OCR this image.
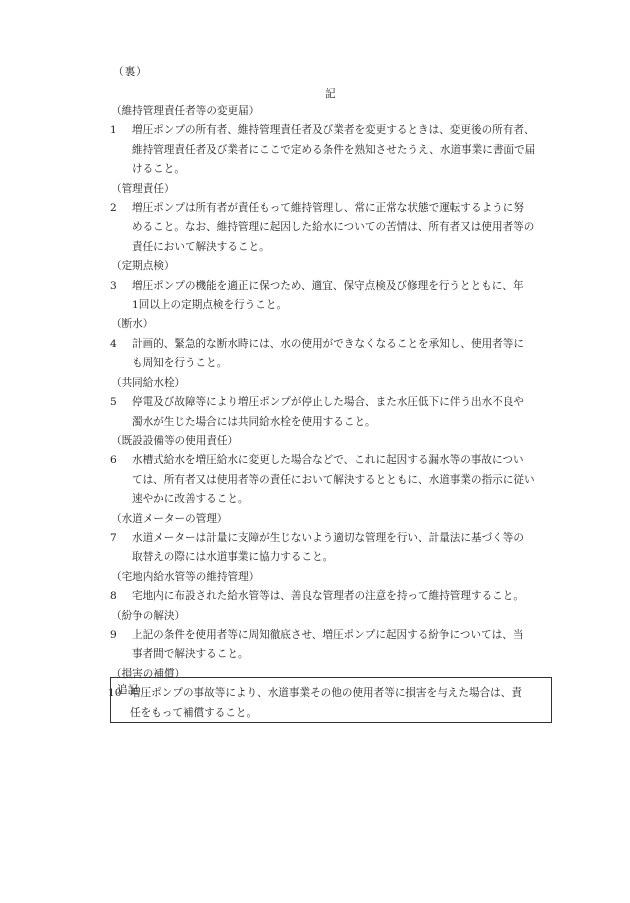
（裏）
記
（維持管理責任者等の変更届）
1	増圧ポンプの所有者、維持管理責任者及び業者を変更するときは、変更後の所有者、
維持管理責任者及び業者にここで定める条件を熟知させたうえ、水道事業に書面で届
けること。
（管理責任）
2	増圧ポンプは所有者が責任もって維持管理し、常に正常な状態で運転するように努
めること。なお、維持管理に起因した給水についての苦情は、所有者又は使用者等の
責任において解決すること。
（定期点検）
3	増圧ポンプの機能を適正に保つため、適宜、保守点検及び修理を行うとともに、年
1回以上の定期点検を行うこと。
（断水）
4	計画的、緊急的な断水時には、水の使用ができなくなることを承知し、使用者等に
も周知を行うこと。
（共同給水栓）
5	停電及び故障等により増圧ポンプが停止した場合、また水圧低下に伴う出水不良や
濁水が生じた場合には共同給水栓を使用すること。
（既設設備等の使用責任）
6	水槽式給水を増圧給水に変更した場合などで、これに起因する漏水等の事故につい
ては、所有者又は使用者等の責任において解決するとともに、水道事業の指示に従い
速やかに改善すること。
（水道メーターの管理）
7	水道メーターは計量に支障が生じないよう適切な管理を行い、計量法に基づく等の
取替えの際には水道事業に協力すること。
（宅地内給水管等の維持管理）
8	宅地内に布設された給水管等は、善良な管理者の注意を持って維持管理すること。
（紛争の解決）
9	上記の条件を使用者等に周知徹底させ、増圧ポンプに起因する紛争については、当
事者間で解決すること。
（損害の補償）
10 増圧ポンプの事故等により、水道事業その他の使用者等に損害を与えた場合は、責
任をもって補償すること。
追記
